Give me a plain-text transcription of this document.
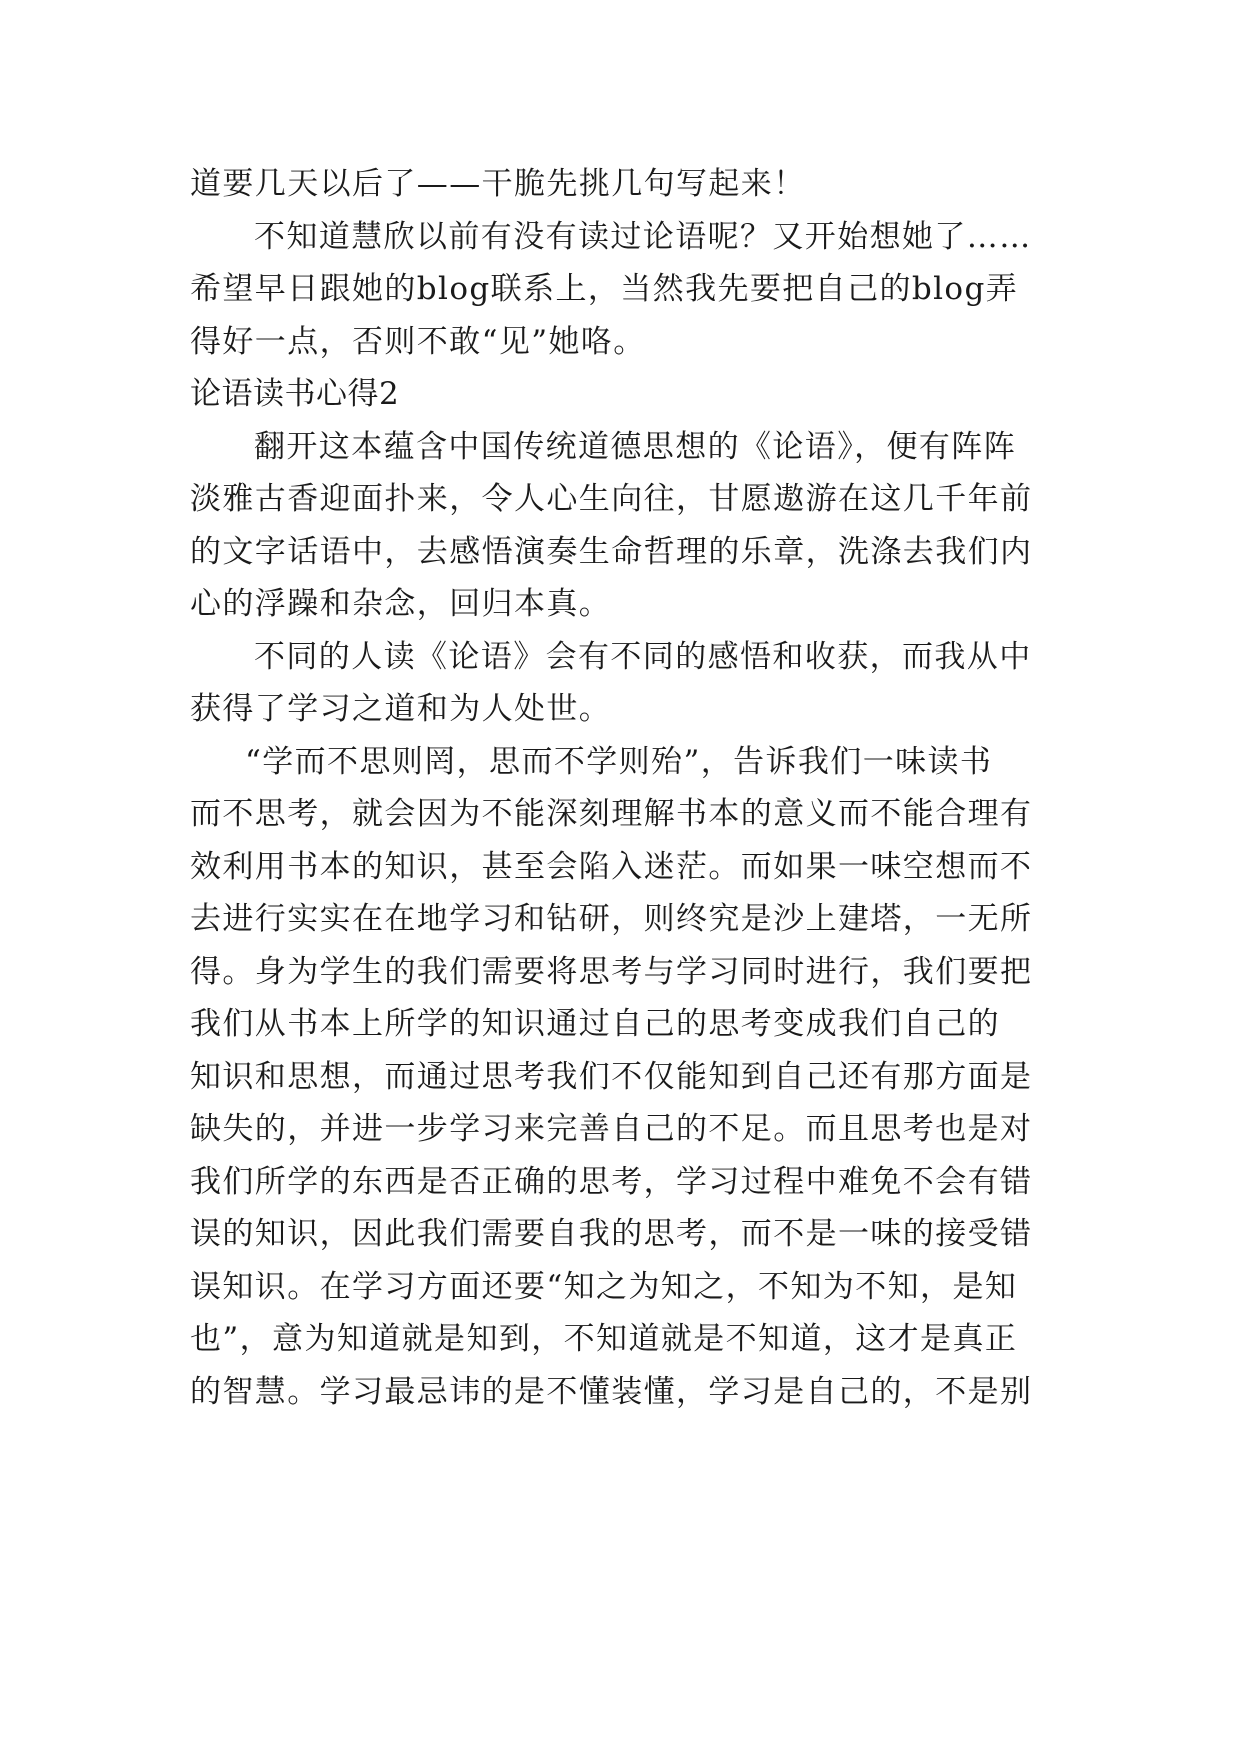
道要几天以后了——干脆先挑几句写起来！
不知道慧欣以前有没有读过论语呢？又开始想她了……
希望早日跟她的blog联系上，当然我先要把自己的blog弄
得好一点，否则不敢“见”她咯。
论语读书心得2
翻开这本蕴含中国传统道德思想的《论语》，便有阵阵
淡雅古香迎面扑来，令人心生向往，甘愿遨游在这几千年前
的文字话语中，去感悟演奏生命哲理的乐章，洗涤去我们内
心的浮躁和杂念，回归本真。
不同的人读《论语》会有不同的感悟和收获，而我从中
获得了学习之道和为人处世。
“学而不思则罔，思而不学则殆”，告诉我们一味读书
而不思考，就会因为不能深刻理解书本的意义而不能合理有
效利用书本的知识，甚至会陷入迷茫。而如果一味空想而不
去进行实实在在地学习和钻研，则终究是沙上建塔，一无所
得。身为学生的我们需要将思考与学习同时进行，我们要把
我们从书本上所学的知识通过自己的思考变成我们自己的
知识和思想，而通过思考我们不仅能知到自己还有那方面是
缺失的，并进一步学习来完善自己的不足。而且思考也是对
我们所学的东西是否正确的思考，学习过程中难免不会有错
误的知识，因此我们需要自我的思考，而不是一味的接受错
误知识。在学习方面还要“知之为知之，不知为不知，是知
也”，意为知道就是知到，不知道就是不知道，这才是真正
的智慧。学习最忌讳的是不懂装懂，学习是自己的，不是别
